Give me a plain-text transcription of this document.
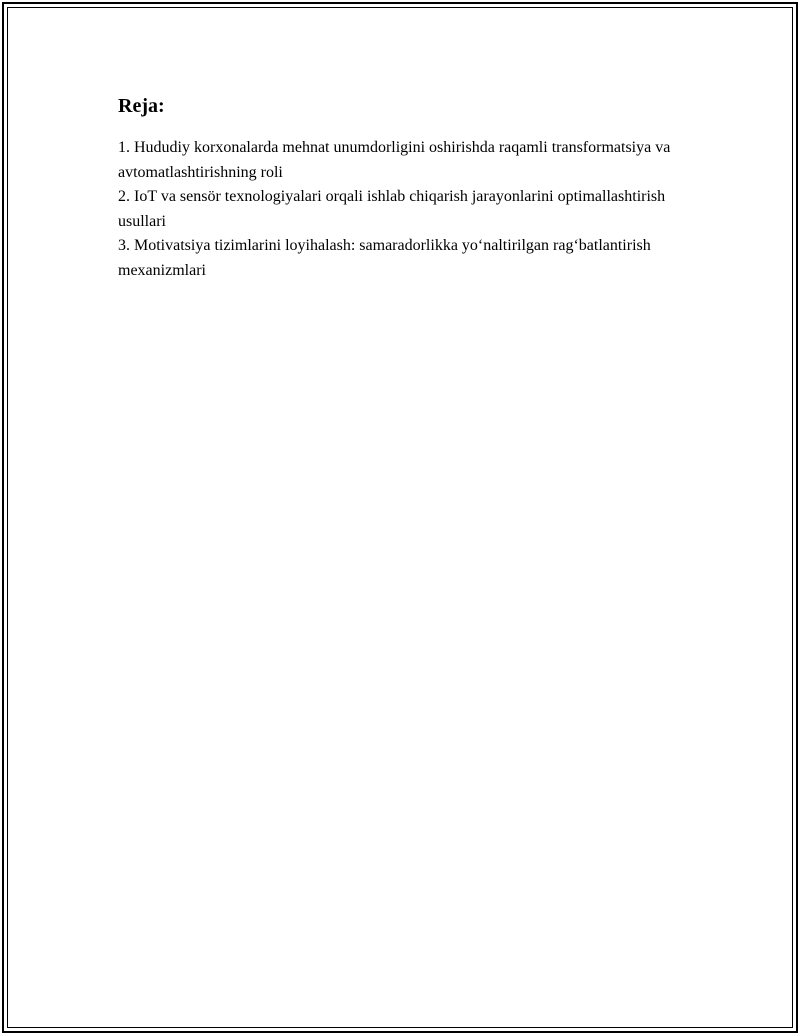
Reja:

1. Hududiy korxonalarda mehnat unumdorligini oshirishda raqamli transformatsiya va avtomatlashtirishning roli

2. IoT va sensör texnologiyalari orqali ishlab chiqarish jarayonlarini optimallashtirish usullari

3. Motivatsiya tizimlarini loyihalash: samaradorlikka yo‘naltirilgan rag‘batlantirish mexanizmlari
